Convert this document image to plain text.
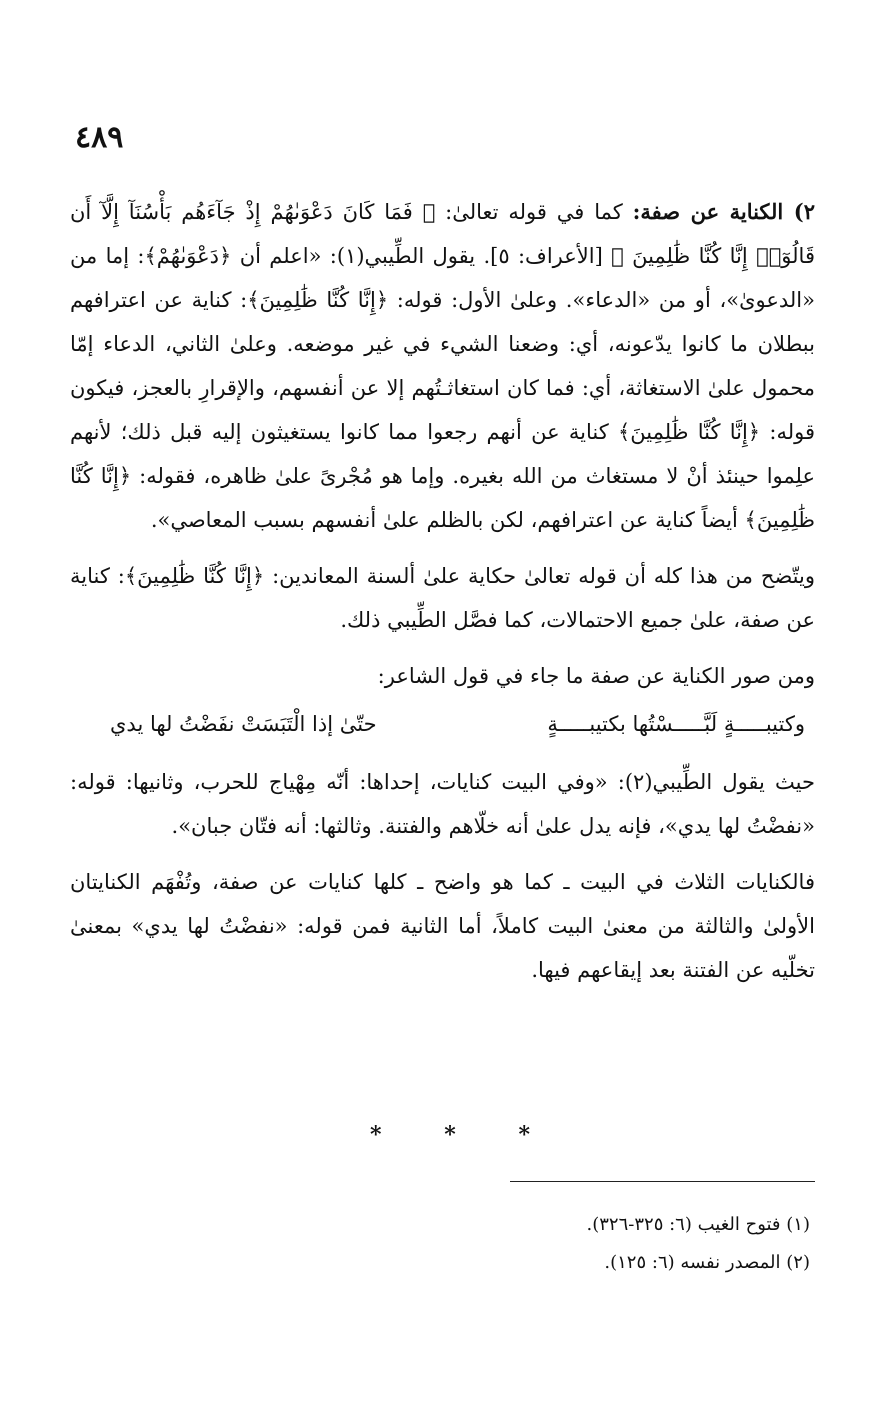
٤٨٩

٢) الكناية عن صفة: كما في قوله تعالىٰ: ﴿ فَمَا كَانَ دَعْوَىٰهُمْ إِذْ جَآءَهُم بَأْسُنَآ إِلَّآ أَن قَالُوٓا۟ إِنَّا كُنَّا ظَٰلِمِينَ ﴾ [الأعراف: ٥]. يقول الطِّيبي(١): «اعلم أن ﴿دَعْوَىٰهُمْ﴾: إما من «الدعوىٰ»، أو من «الدعاء». وعلىٰ الأول: قوله: ﴿إِنَّا كُنَّا ظَٰلِمِينَ﴾: كناية عن اعترافهم ببطلان ما كانوا يدّعونه، أي: وضعنا الشيء في غير موضعه. وعلىٰ الثاني، الدعاء إمّا محمول علىٰ الاستغاثة، أي: فما كان استغاثـتُهم إلا عن أنفسهم، والإقرارِ بالعجز، فيكون قوله: ﴿إِنَّا كُنَّا ظَٰلِمِينَ﴾ كناية عن أنهم رجعوا مما كانوا يستغيثون إليه قبل ذلك؛ لأنهم علِموا حينئذ أنْ لا مستغاث من الله بغيره. وإما هو مُجْرىً علىٰ ظاهره، فقوله: ﴿إِنَّا كُنَّا ظَٰلِمِينَ﴾ أيضاً كناية عن اعترافهم، لكن بالظلم علىٰ أنفسهم بسبب المعاصي».

ويتّضح من هذا كله أن قوله تعالىٰ حكاية علىٰ ألسنة المعاندين: ﴿إِنَّا كُنَّا ظَٰلِمِينَ﴾: كناية عن صفة، علىٰ جميع الاحتمالات، كما فصَّل الطِّيبي ذلك.

ومن صور الكناية عن صفة ما جاء في قول الشاعر:

وكتيبـــــةٍ لَبَّـــــسْتُها بكتيبـــــةٍ
حتّىٰ إذا الْتَبَسَتْ نفَضْتُ لها يدي

حيث يقول الطِّيبي(٢): «وفي البيت كنايات، إحداها: أنّه مِهْياج للحرب، وثانيها: قوله: «نفضْتُ لها يدي»، فإنه يدل علىٰ أنه خلّاهم والفتنة. وثالثها: أنه فتّان جبان».

فالكنايات الثلاث في البيت ـ كما هو واضح ـ كلها كنايات عن صفة، وتُفْهَم الكنايتان الأولىٰ والثالثة من معنىٰ البيت كاملاً، أما الثانية فمن قوله: «نفضْتُ لها يدي» بمعنىٰ تخلّيه عن الفتنة بعد إيقاعهم فيها.

*	*	*

(١) فتوح الغيب (٦: ٣٢٥-٣٢٦).

(٢) المصدر نفسه (٦: ١٢٥).
